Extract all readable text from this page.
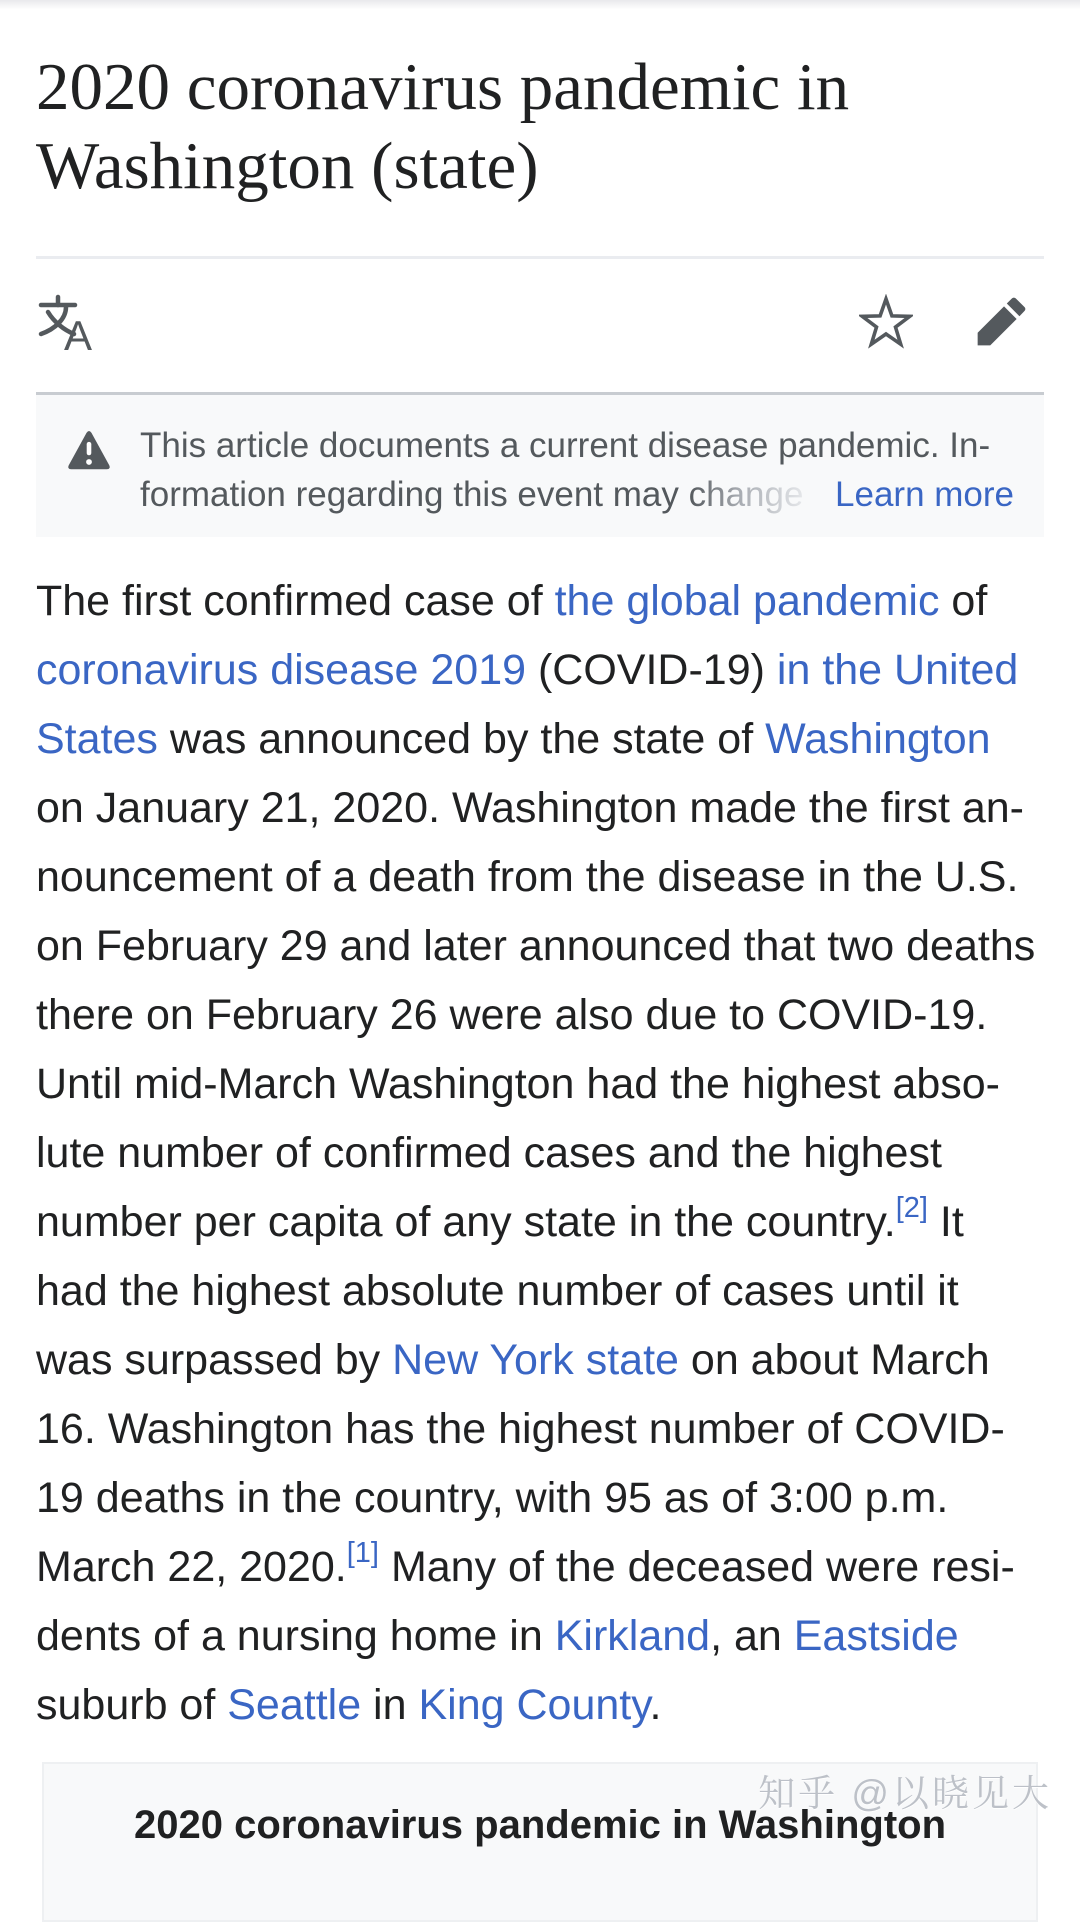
2020 coronavirus pandemic in Washington (state)
A
This article documents a current disease pandemic. In-
formation regarding this event may change Learn more
The first confirmed case of the global pandemic of
coronavirus disease 2019 (COVID-19) in the United
States was announced by the state of Washington
on January 21, 2020. Washington made the first an-
nouncement of a death from the disease in the U.S.
on February 29 and later announced that two deaths
there on February 26 were also due to COVID-19.
Until mid-March Washington had the highest abso-
lute number of confirmed cases and the highest
number per capita of any state in the country.[2] It
had the highest absolute number of cases until it
was surpassed by New York state on about March
16. Washington has the highest number of COVID-
19 deaths in the country, with 95 as of 3:00 p.m.
March 22, 2020.[1] Many of the deceased were resi-
dents of a nursing home in Kirkland, an Eastside
suburb of Seattle in King County.
2020 coronavirus pandemic in Washington
知乎 @以晓见大
